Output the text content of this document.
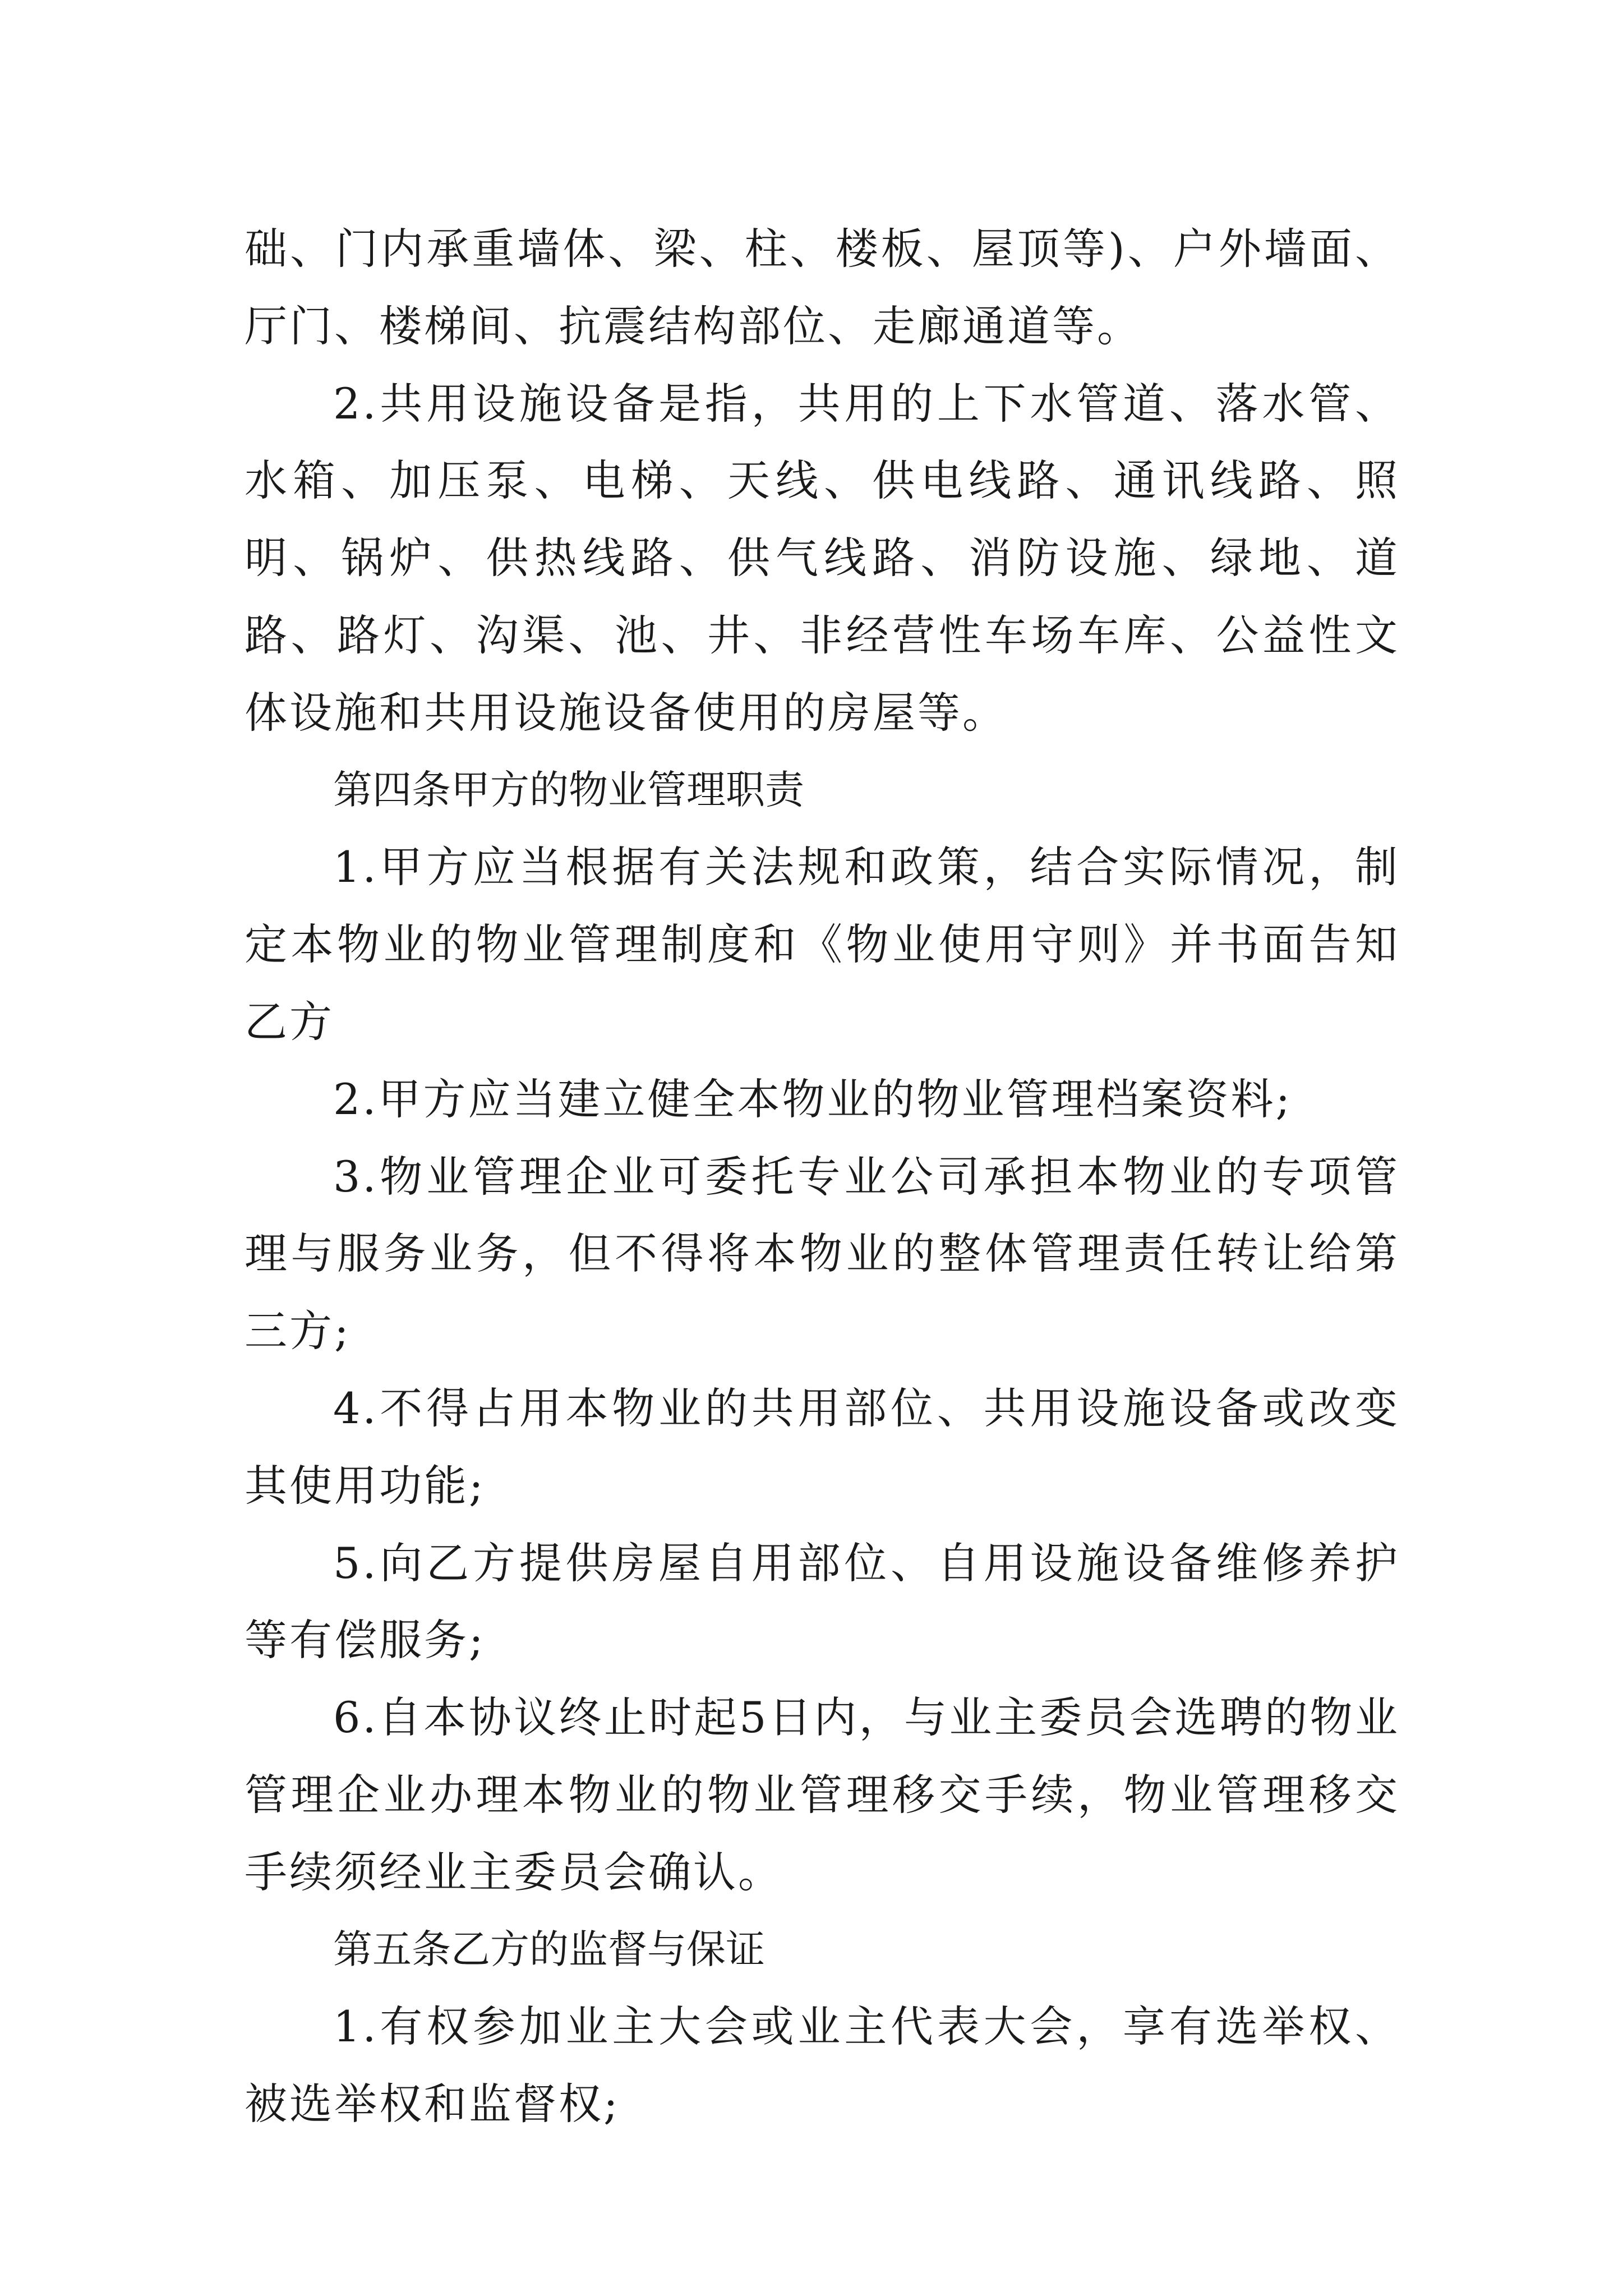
础、门内承重墙体、梁、柱、楼板、屋顶等)、户外墙面、厅门、楼梯间、抗震结构部位、走廊通道等。

2.共用设施设备是指，共用的上下水管道、落水管、水箱、加压泵、电梯、天线、供电线路、通讯线路、照明、锅炉、供热线路、供气线路、消防设施、绿地、道路、路灯、沟渠、池、井、非经营性车场车库、公益性文体设施和共用设施设备使用的房屋等。

第四条甲方的物业管理职责

1.甲方应当根据有关法规和政策，结合实际情况，制定本物业的物业管理制度和《物业使用守则》并书面告知乙方

2.甲方应当建立健全本物业的物业管理档案资料;

3.物业管理企业可委托专业公司承担本物业的专项管理与服务业务，但不得将本物业的整体管理责任转让给第三方;

4.不得占用本物业的共用部位、共用设施设备或改变其使用功能;

5.向乙方提供房屋自用部位、自用设施设备维修养护等有偿服务;

6.自本协议终止时起5日内，与业主委员会选聘的物业管理企业办理本物业的物业管理移交手续，物业管理移交手续须经业主委员会确认。

第五条乙方的监督与保证

1.有权参加业主大会或业主代表大会，享有选举权、被选举权和监督权;
